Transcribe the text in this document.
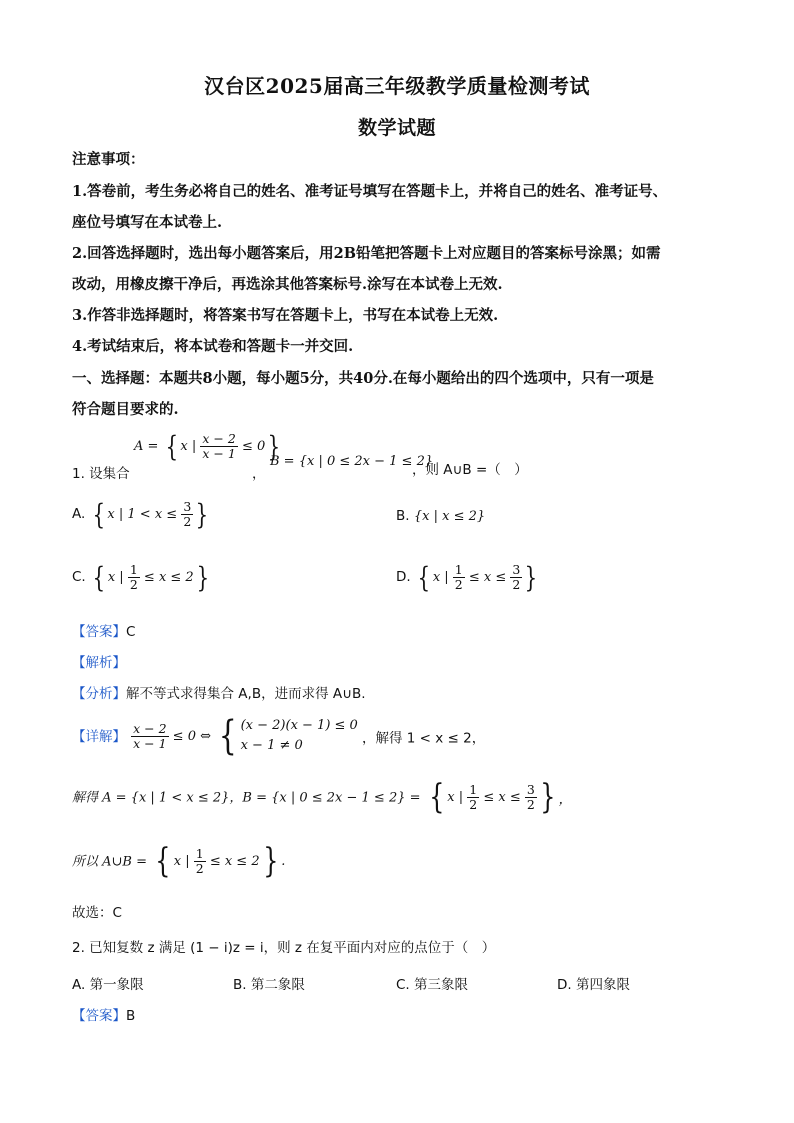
汉台区2025届高三年级教学质量检测考试
数学试题
注意事项：
1.答卷前，考生务必将自己的姓名、准考证号填写在答题卡上，并将自己的姓名、准考证号、
座位号填写在本试卷上.
2.回答选择题时，选出每小题答案后，用2B铅笔把答题卡上对应题目的答案标号涂黑；如需
改动，用橡皮擦干净后，再选涂其他答案标号.涂写在本试卷上无效.
3.作答非选择题时，将答案书写在答题卡上，书写在本试卷上无效.
4.考试结束后，将本试卷和答题卡一并交回.
一、选择题：本题共8小题，每小题5分，共40分.在每小题给出的四个选项中，只有一项是
符合题目要求的.
1. 设集合
A = { x | $\frac{x - 2}{x - 1} \le 0$}
，
B = {x | 0 ≤ 2x − 1 ≤ 2}
，则 A∪B =（　）
A. { x | $1 < x \le \frac{3}{2}$ }	B. {x | x ≤ 2}
C. { x | $\frac{1}{2} \le x \le 2$}	D. { x | $\frac{1}{2} \le x \le \frac{3}{2}$ }
【答案】C
【解析】
【分析】解不等式求得集合 A,B，进而求得 A∪B.
【详解】 $\frac{x - 2}{x - 1} \le 0$ ⇔ { (x − 2)(x − 1) ≤ 0
x − 1 ≠ 0	，解得 1 < x ≤ 2，
解得 A = {x | 1 < x ≤ 2}，B = {x | 0 ≤ 2x − 1 ≤ 2} = { x | $\frac{1}{2} \le x \le \frac{3}{2}$ } ，
所以 A∪B = { x | $\frac{1}{2} \le x \le 2$} .
故选：C
2. 已知复数 z 满足 (1 − i)z = i，则 z 在复平面内对应的点位于（　）
A. 第一象限	B. 第二象限	C. 第三象限	D. 第四象限
【答案】B
